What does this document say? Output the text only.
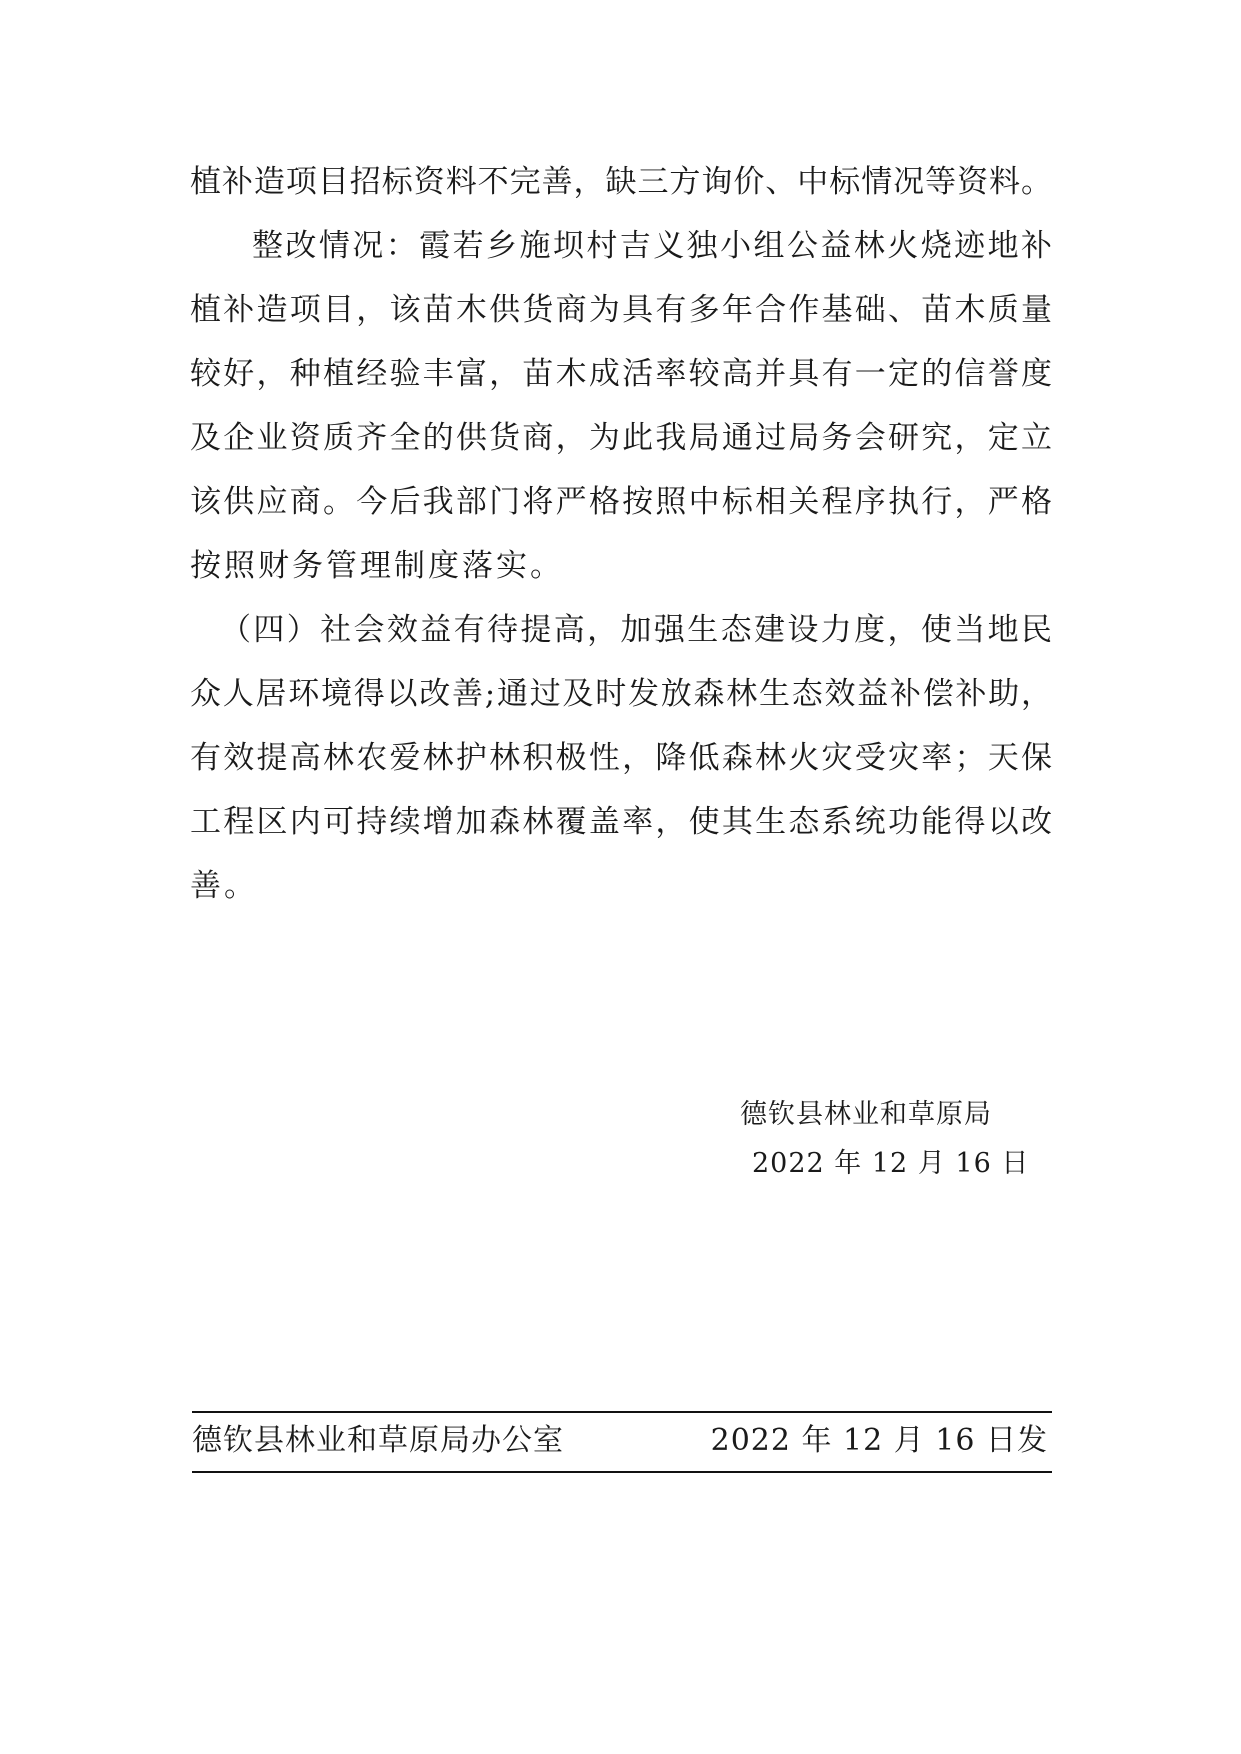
植补造项目招标资料不完善，缺三方询价、中标情况等资料。
整改情况：霞若乡施坝村吉义独小组公益林火烧迹地补
植补造项目，该苗木供货商为具有多年合作基础、苗木质量
较好，种植经验丰富，苗木成活率较高并具有一定的信誉度
及企业资质齐全的供货商，为此我局通过局务会研究，定立
该供应商。今后我部门将严格按照中标相关程序执行，严格
按照财务管理制度落实。
（四）社会效益有待提高，加强生态建设力度，使当地民
众人居环境得以改善;通过及时发放森林生态效益补偿补助，
有效提高林农爱林护林积极性，降低森林火灾受灾率；天保
工程区内可持续增加森林覆盖率，使其生态系统功能得以改
善。
德钦县林业和草原局
2022 年 12 月 16 日
德钦县林业和草原局办公室	2022 年 12 月 16 日发
